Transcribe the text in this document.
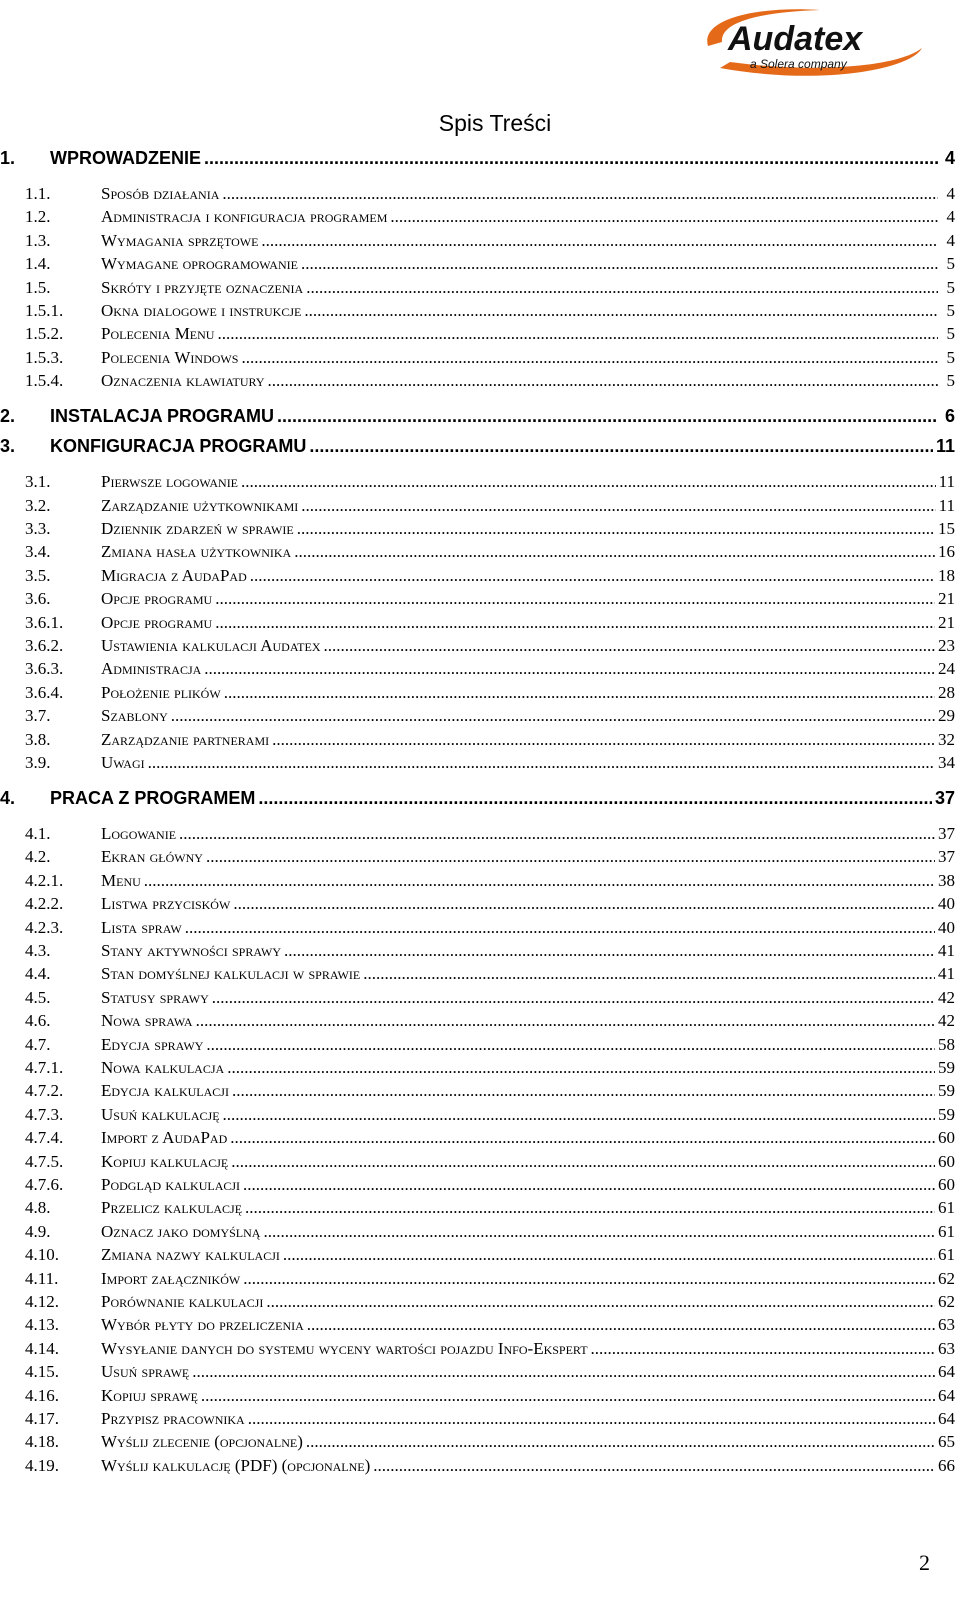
Audatex
a Solera company
Spis Treści
1.	WPROWADZENIE .....	4
1.1.	Sposób działania .....	4
1.2.	Administracja i konfiguracja programem .....	4
1.3.	Wymagania sprzętowe .....	4
1.4.	Wymagane oprogramowanie .....	5
1.5.	Skróty i przyjęte oznaczenia .....	5
1.5.1.	Okna dialogowe i instrukcje .....	5
1.5.2.	Polecenia Menu .....	5
1.5.3.	Polecenia Windows .....	5
1.5.4.	Oznaczenia klawiatury .....	5
2.	INSTALACJA PROGRAMU .....	6
3.	KONFIGURACJA PROGRAMU .....	11
3.1.	Pierwsze logowanie .....	11
3.2.	Zarządzanie użytkownikami .....	11
3.3.	Dziennik zdarzeń w sprawie .....	15
3.4.	Zmiana hasła użytkownika .....	16
3.5.	Migracja z AudaPad .....	18
3.6.	Opcje programu .....	21
3.6.1.	Opcje programu .....	21
3.6.2.	Ustawienia kalkulacji Audatex .....	23
3.6.3.	Administracja .....	24
3.6.4.	Położenie plików .....	28
3.7.	Szablony .....	29
3.8.	Zarządzanie partnerami .....	32
3.9.	Uwagi .....	34
4.	PRACA Z PROGRAMEM .....	37
4.1.	Logowanie .....	37
4.2.	Ekran główny .....	37
4.2.1.	Menu .....	38
4.2.2.	Listwa przycisków .....	40
4.2.3.	Lista spraw .....	40
4.3.	Stany aktywności sprawy .....	41
4.4.	Stan domyślnej kalkulacji w sprawie .....	41
4.5.	Statusy sprawy .....	42
4.6.	Nowa sprawa .....	42
4.7.	Edycja sprawy .....	58
4.7.1.	Nowa kalkulacja .....	59
4.7.2.	Edycja kalkulacji .....	59
4.7.3.	Usuń kalkulację .....	59
4.7.4.	Import z AudaPad .....	60
4.7.5.	Kopiuj kalkulację .....	60
4.7.6.	Podgląd kalkulacji .....	60
4.8.	Przelicz kalkulację .....	61
4.9.	Oznacz jako domyślną .....	61
4.10.	Zmiana nazwy kalkulacji .....	61
4.11.	Import załączników .....	62
4.12.	Porównanie kalkulacji .....	62
4.13.	Wybór płyty do przeliczenia .....	63
4.14.	Wysyłanie danych do systemu wyceny wartości pojazdu Info-Ekspert .....	63
4.15.	Usuń sprawę .....	64
4.16.	Kopiuj sprawę .....	64
4.17.	Przypisz pracownika .....	64
4.18.	Wyślij zlecenie (opcjonalne) .....	65
4.19.	Wyślij kalkulację (PDF) (opcjonalne) .....	66
2
